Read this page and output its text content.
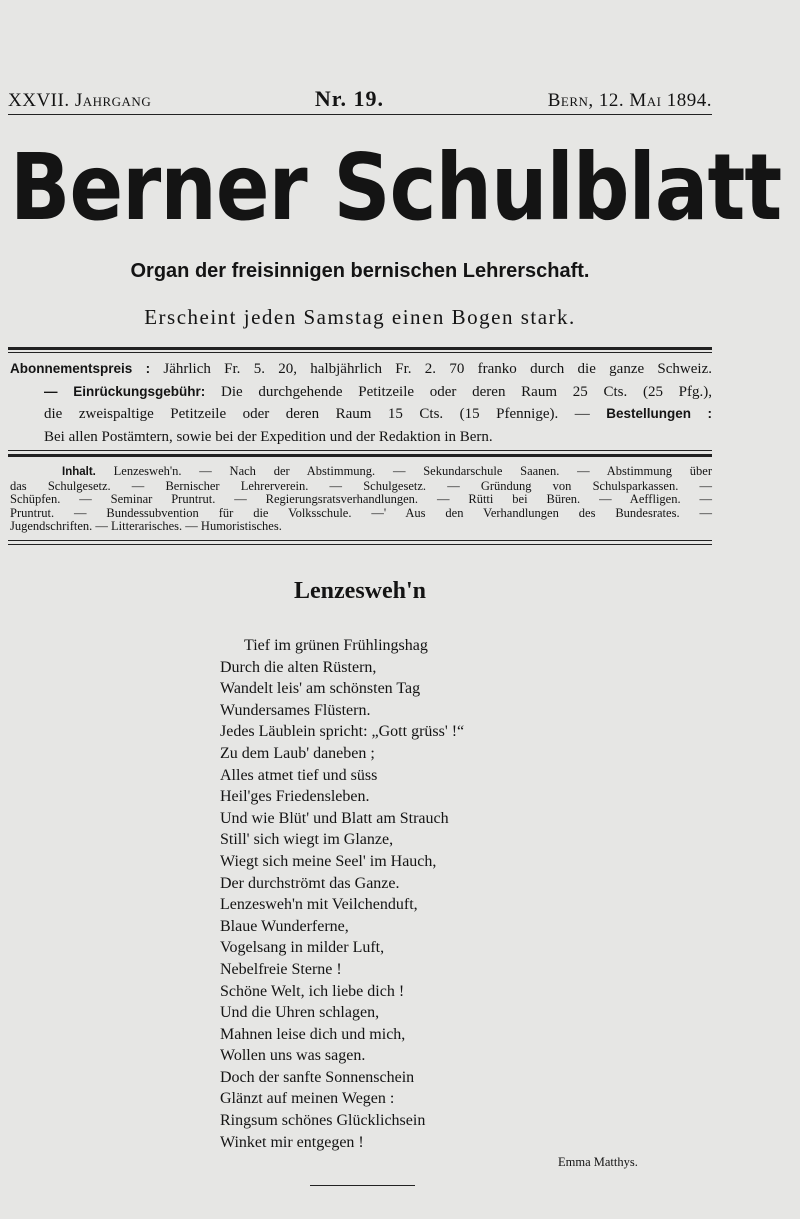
XXVII. Jahrgang	Nr. 19.	Bern, 12. Mai 1894.
Berner Schulblatt
Organ der freisinnigen bernischen Lehrerschaft.
Erscheint jeden Samstag einen Bogen stark.

Abonnementspreis : Jährlich Fr. 5. 20, halbjährlich Fr. 2. 70 franko durch die ganze Schweiz.

— Einrückungsgebühr: Die durchgehende Petitzeile oder deren Raum 25 Cts. (25 Pfg.),

die zweispaltige Petitzeile oder deren Raum 15 Cts. (15 Pfennige). — Bestellungen :

Bei allen Postämtern, sowie bei der Expedition und der Redaktion in Bern.

Inhalt. Lenzesweh'n. — Nach der Abstimmung. — Sekundarschule Saanen. — Abstimmung über

das Schulgesetz. — Bernischer Lehrerverein. — Schulgesetz. — Gründung von Schulsparkassen. —

Schüpfen. — Seminar Pruntrut. — Regierungsratsverhandlungen. — Rütti bei Büren. — Aeffligen. —

Pruntrut. — Bundessubvention für die Volksschule. —' Aus den Verhandlungen des Bundesrates. —

Jugendschriften. — Litterarisches. — Humoristisches.

Lenzesweh'n
Tief im grünen Frühlingshag
Durch die alten Rüstern,
Wandelt leis' am schönsten Tag
Wundersames Flüstern.
Jedes Läublein spricht: „Gott grüss' !“
Zu dem Laub' daneben ;
Alles atmet tief und süss
Heil'ges Friedensleben.
Und wie Blüt' und Blatt am Strauch
Still' sich wiegt im Glanze,
Wiegt sich meine Seel' im Hauch,
Der durchströmt das Ganze.
Lenzesweh'n mit Veilchenduft,
Blaue Wunderferne,
Vogelsang in milder Luft,
Nebelfreie Sterne !
Schöne Welt, ich liebe dich !
Und die Uhren schlagen,
Mahnen leise dich und mich,
Wollen uns was sagen.
Doch der sanfte Sonnenschein
Glänzt auf meinen Wegen :
Ringsum schönes Glücklichsein
Winket mir entgegen !
Emma Matthys.
